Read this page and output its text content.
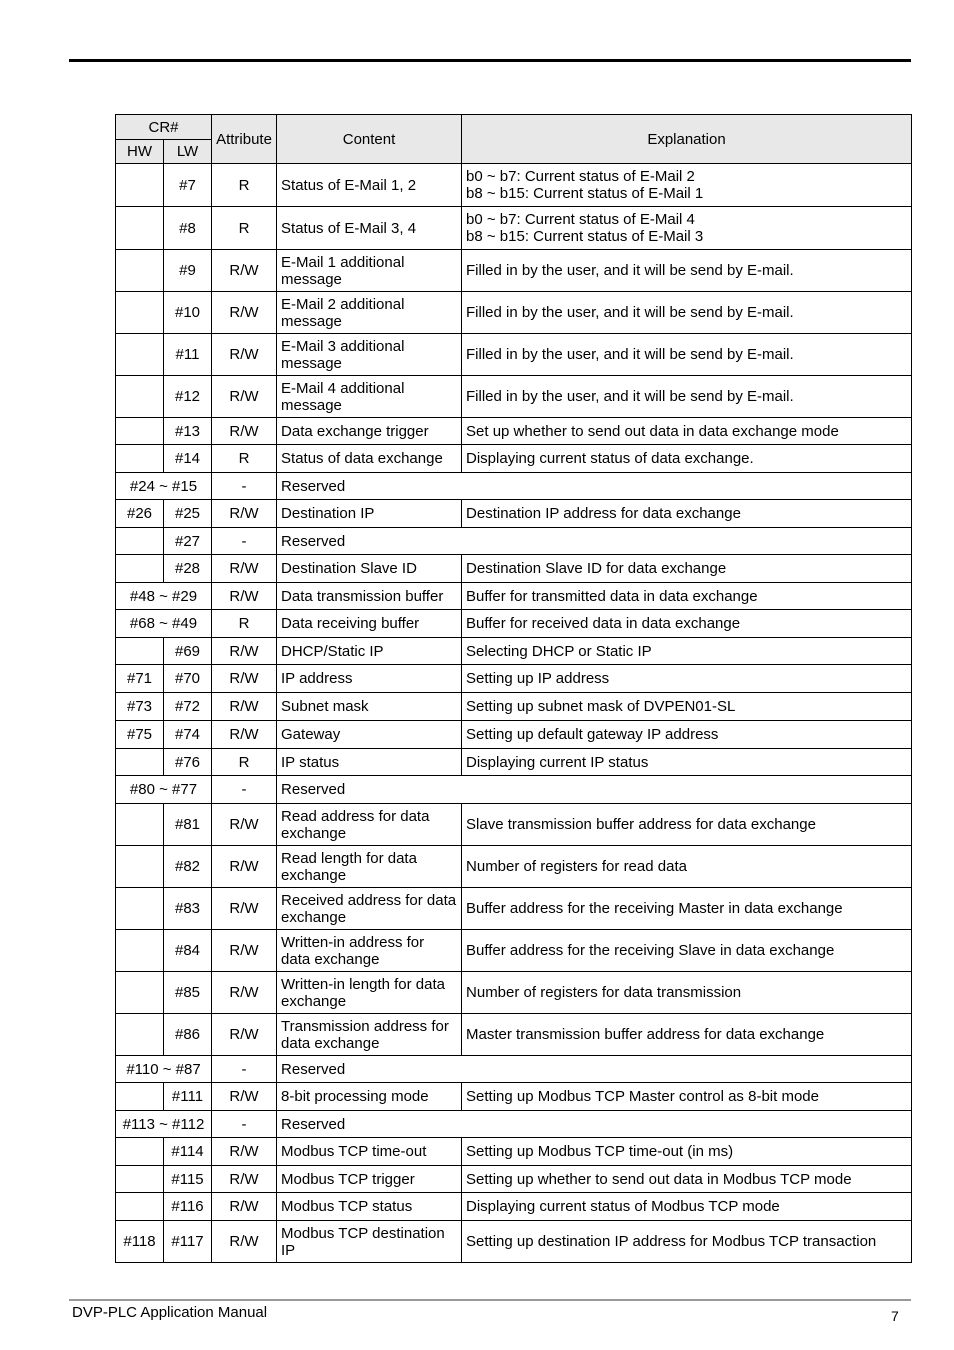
CR#		Attribute	Content	Explanation
HW	LW			
	#7	R	Status of E-Mail 1, 2	b0 ~ b7: Current status of E-Mail 2
b8 ~ b15: Current status of E-Mail 1
	#8	R	Status of E-Mail 3, 4	b0 ~ b7: Current status of E-Mail 4
b8 ~ b15: Current status of E-Mail 3
	#9	R/W	E-Mail 1 additional message	Filled in by the user, and it will be send by E-mail.
	#10	R/W	E-Mail 2 additional message	Filled in by the user, and it will be send by E-mail.
	#11	R/W	E-Mail 3 additional message	Filled in by the user, and it will be send by E-mail.
	#12	R/W	E-Mail 4 additional message	Filled in by the user, and it will be send by E-mail.
	#13	R/W	Data exchange trigger	Set up whether to send out data in data exchange mode
	#14	R	Status of data exchange	Displaying current status of data exchange.
#24 ~ #15		-	Reserved	
#26	#25	R/W	Destination IP	Destination IP address for data exchange
	#27	-	Reserved	
	#28	R/W	Destination Slave ID	Destination Slave ID for data exchange
#48 ~ #29		R/W	Data transmission buffer	Buffer for transmitted data in data exchange
#68 ~ #49		R	Data receiving buffer	Buffer for received data in data exchange
	#69	R/W	DHCP/Static IP	Selecting DHCP or Static IP
#71	#70	R/W	IP address	Setting up IP address
#73	#72	R/W	Subnet mask	Setting up subnet mask of DVPEN01-SL
#75	#74	R/W	Gateway	Setting up default gateway IP address
	#76	R	IP status	Displaying current IP status
#80 ~ #77		-	Reserved	
	#81	R/W	Read address for data exchange	Slave transmission buffer address for data exchange
	#82	R/W	Read length for data exchange	Number of registers for read data
	#83	R/W	Received address for data exchange	Buffer address for the receiving Master in data exchange
	#84	R/W	Written-in address for data exchange	Buffer address for the receiving Slave in data exchange
	#85	R/W	Written-in length for data exchange	Number of registers for data transmission
	#86	R/W	Transmission address for data exchange	Master transmission buffer address for data exchange
#110 ~ #87		-	Reserved	
	#111	R/W	8-bit processing mode	Setting up Modbus TCP Master control as 8-bit mode
#113 ~ #112		-	Reserved	
	#114	R/W	Modbus TCP time-out	Setting up Modbus TCP time-out (in ms)
	#115	R/W	Modbus TCP trigger	Setting up whether to send out data in Modbus TCP mode
	#116	R/W	Modbus TCP status	Displaying current status of Modbus TCP mode
#118	#117	R/W	Modbus TCP destination IP	Setting up destination IP address for Modbus TCP transaction
DVP-PLC Application Manual	7
